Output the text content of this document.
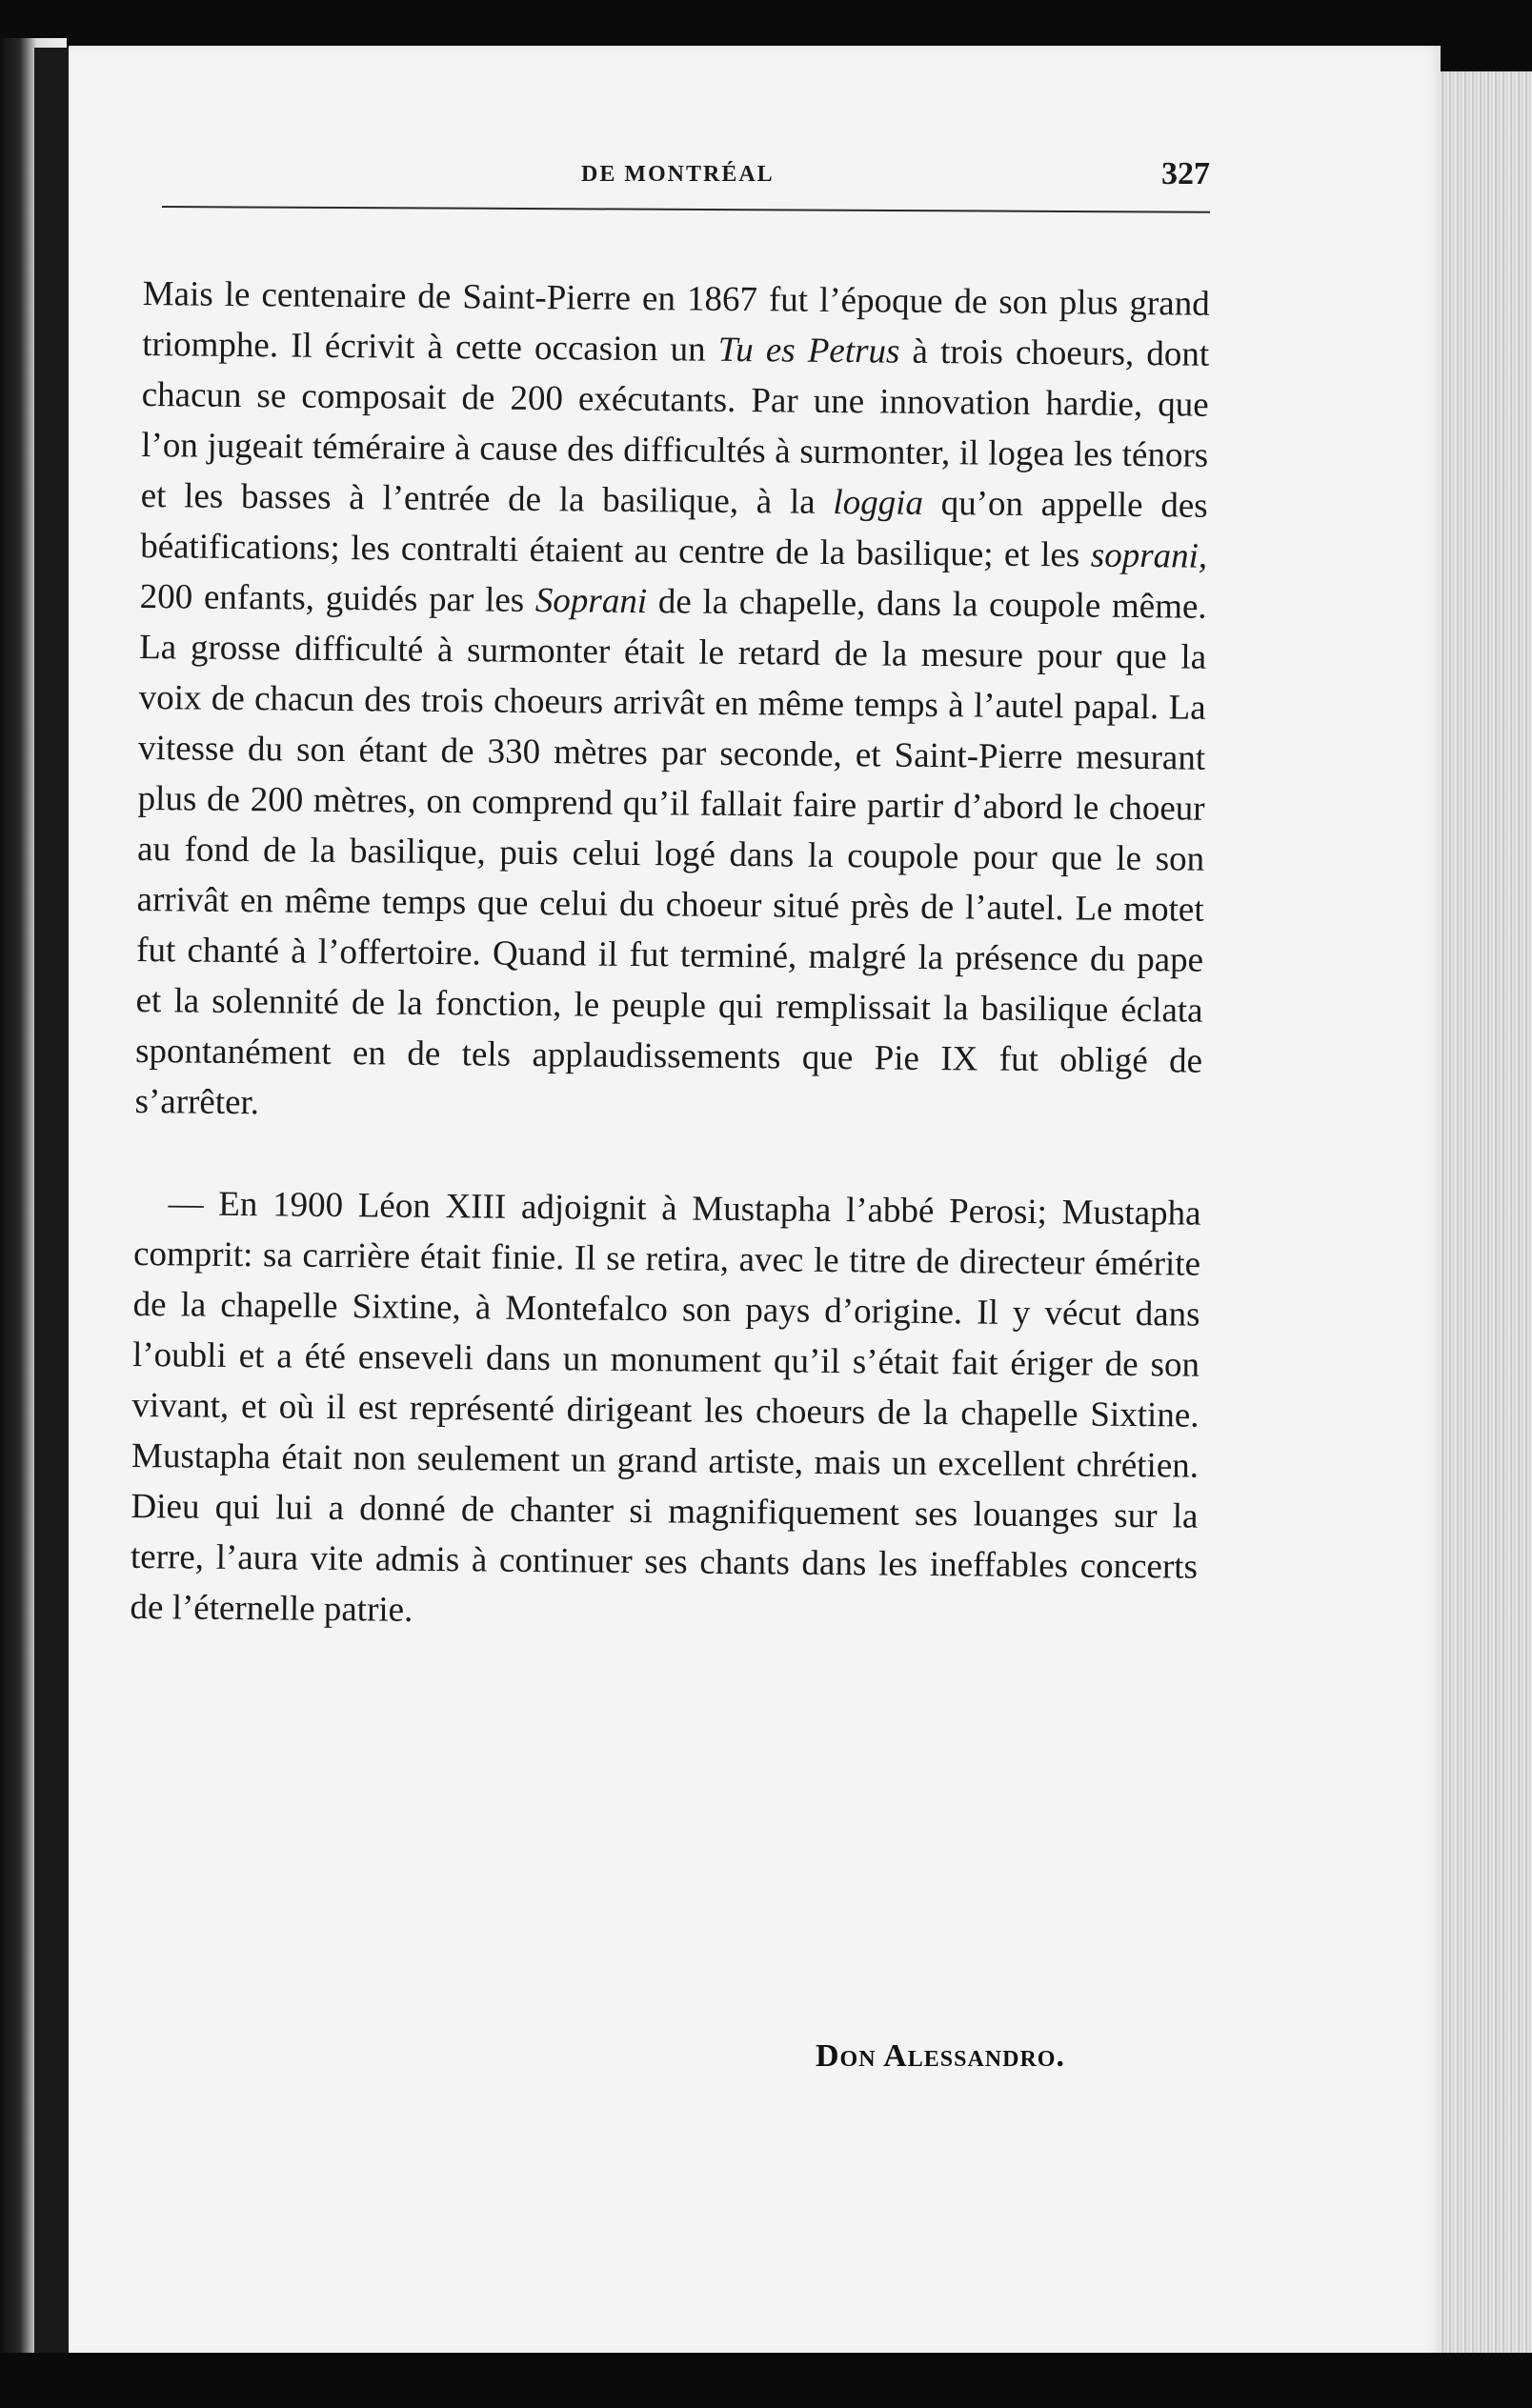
DE MONTRÉAL	327

Mais le centenaire de Saint-Pierre en 1867 fut l’époque de son plus grand triomphe. Il écrivit à cette occasion un Tu es Petrus à trois choeurs, dont chacun se composait de 200 exécutants. Par une innovation hardie, que l’on jugeait téméraire à cause des difficultés à surmonter, il logea les ténors et les basses à l’entrée de la basilique, à la loggia qu’on appelle des béatifications; les contralti étaient au centre de la basilique; et les soprani, 200 enfants, guidés par les Soprani de la chapelle, dans la coupole même. La grosse difficulté à surmonter était le retard de la mesure pour que la voix de chacun des trois choeurs arrivât en même temps à l’autel papal. La vitesse du son étant de 330 mètres par seconde, et Saint-Pierre mesurant plus de 200 mètres, on comprend qu’il fallait faire partir d’abord le choeur au fond de la basilique, puis celui logé dans la coupole pour que le son arrivât en même temps que celui du choeur situé près de l’autel. Le motet fut chanté à l’offertoire. Quand il fut terminé, malgré la présence du pape et la solennité de la fonction, le peuple qui remplissait la basilique éclata spontanément en de tels applaudissements que Pie IX fut obligé de s’arrêter.

— En 1900 Léon XIII adjoignit à Mustapha l’abbé Perosi; Mustapha comprit: sa carrière était finie. Il se retira, avec le titre de directeur émérite de la chapelle Sixtine, à Montefalco son pays d’origine. Il y vécut dans l’oubli et a été enseveli dans un monument qu’il s’était fait ériger de son vivant, et où il est représenté dirigeant les choeurs de la chapelle Sixtine. Mustapha était non seulement un grand artiste, mais un excellent chrétien. Dieu qui lui a donné de chanter si magnifiquement ses louanges sur la terre, l’aura vite admis à continuer ses chants dans les ineffables concerts de l’éternelle patrie.

Don Alessandro.
